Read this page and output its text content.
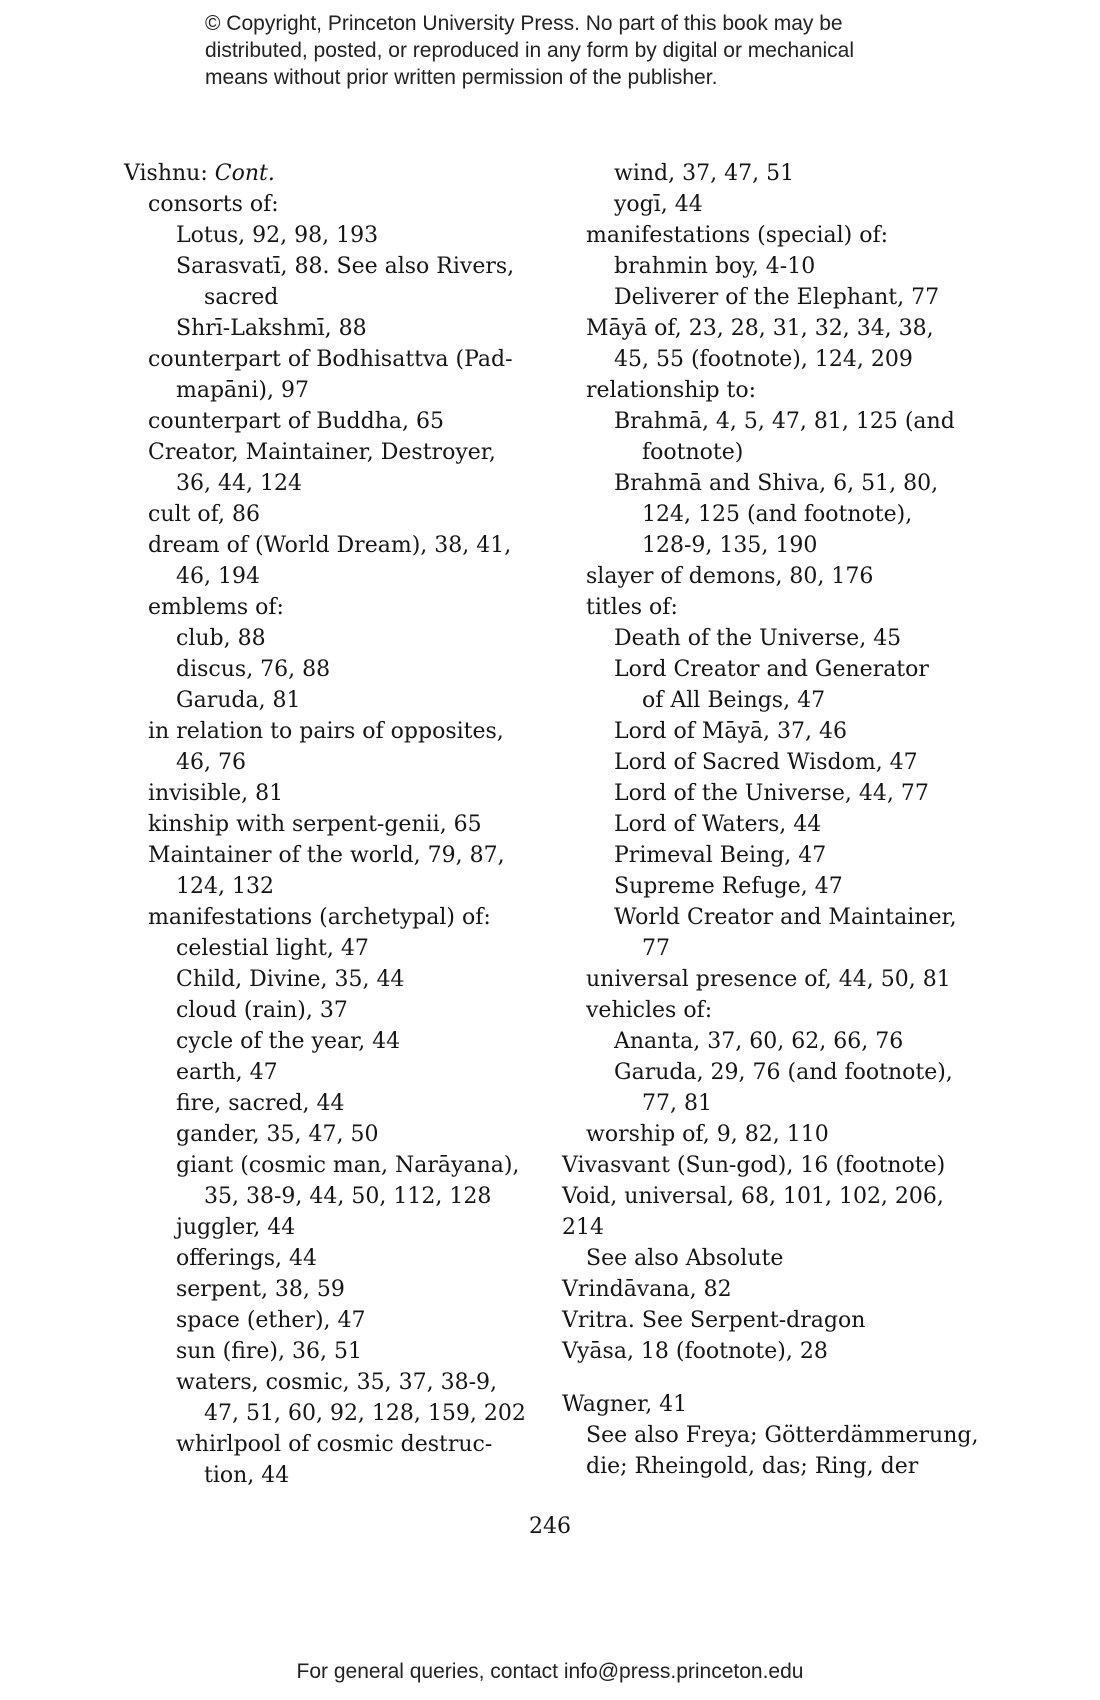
© Copyright, Princeton University Press. No part of this book may be
distributed, posted, or reproduced in any form by digital or mechanical
means without prior written permission of the publisher.
Vishnu: Cont.
consorts of:
Lotus, 92, 98, 193
Sarasvatī, 88. See also Rivers,
sacred
Shrī-Lakshmī, 88
counterpart of Bodhisattva (Pad-
mapāni), 97
counterpart of Buddha, 65
Creator, Maintainer, Destroyer,
36, 44, 124
cult of, 86
dream of (World Dream), 38, 41,
46, 194
emblems of:
club, 88
discus, 76, 88
Garuda, 81
in relation to pairs of opposites,
46, 76
invisible, 81
kinship with serpent-genii, 65
Maintainer of the world, 79, 87,
124, 132
manifestations (archetypal) of:
celestial light, 47
Child, Divine, 35, 44
cloud (rain), 37
cycle of the year, 44
earth, 47
fire, sacred, 44
gander, 35, 47, 50
giant (cosmic man, Narāyana),
35, 38-9, 44, 50, 112, 128
juggler, 44
offerings, 44
serpent, 38, 59
space (ether), 47
sun (fire), 36, 51
waters, cosmic, 35, 37, 38-9,
47, 51, 60, 92, 128, 159, 202
whirlpool of cosmic destruc-
tion, 44
wind, 37, 47, 51
yogī, 44
manifestations (special) of:
brahmin boy, 4-10
Deliverer of the Elephant, 77
Māyā of, 23, 28, 31, 32, 34, 38,
45, 55 (footnote), 124, 209
relationship to:
Brahmā, 4, 5, 47, 81, 125 (and
footnote)
Brahmā and Shiva, 6, 51, 80,
124, 125 (and footnote),
128-9, 135, 190
slayer of demons, 80, 176
titles of:
Death of the Universe, 45
Lord Creator and Generator
of All Beings, 47
Lord of Māyā, 37, 46
Lord of Sacred Wisdom, 47
Lord of the Universe, 44, 77
Lord of Waters, 44
Primeval Being, 47
Supreme Refuge, 47
World Creator and Maintainer,
77
universal presence of, 44, 50, 81
vehicles of:
Ananta, 37, 60, 62, 66, 76
Garuda, 29, 76 (and footnote),
77, 81
worship of, 9, 82, 110
Vivasvant (Sun-god), 16 (footnote)
Void, universal, 68, 101, 102, 206,
214
See also Absolute
Vrindāvana, 82
Vritra. See Serpent-dragon
Vyāsa, 18 (footnote), 28
Wagner, 41
See also Freya; Götterdämmerung,
die; Rheingold, das; Ring, der
246
For general queries, contact info@press.princeton.edu
